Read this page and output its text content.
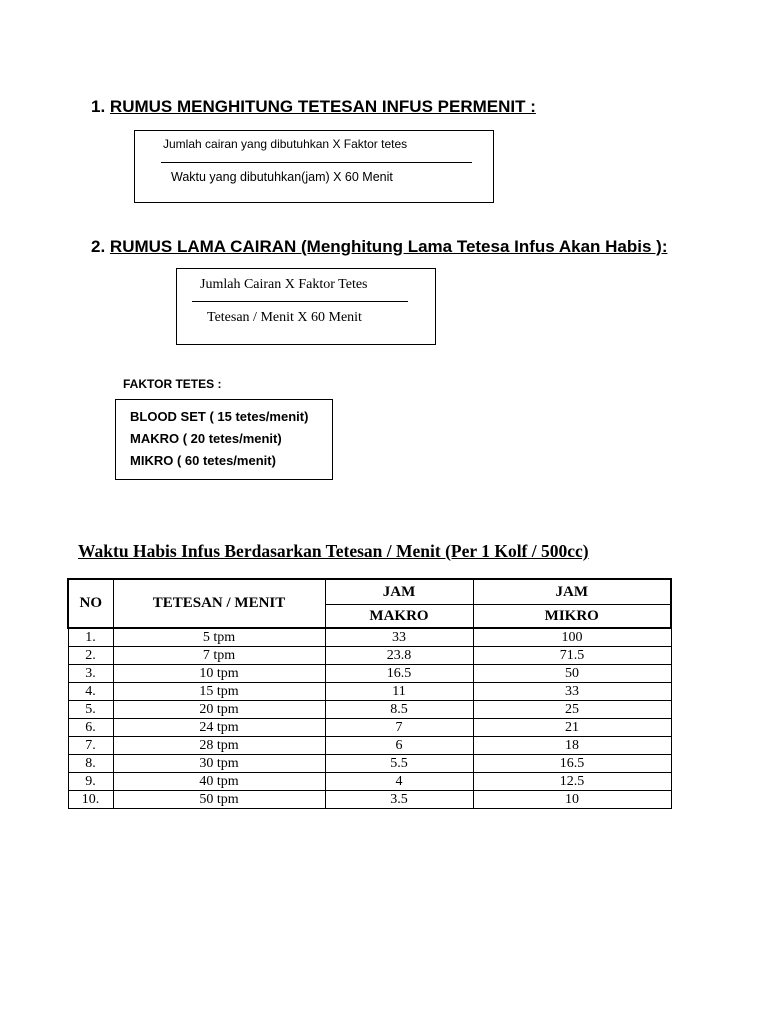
1. RUMUS MENGHITUNG TETESAN INFUS PERMENIT :
Jumlah cairan yang dibutuhkan X Faktor tetes
Waktu yang dibutuhkan(jam) X 60 Menit
2. RUMUS LAMA CAIRAN (Menghitung Lama Tetesa Infus Akan Habis ):
Jumlah Cairan X Faktor Tetes
Tetesan / Menit X 60 Menit
FAKTOR TETES :
BLOOD SET ( 15 tetes/menit)
MAKRO ( 20 tetes/menit)
MIKRO ( 60 tetes/menit)
Waktu Habis Infus Berdasarkan Tetesan / Menit (Per 1 Kolf / 500cc)
NO	TETESAN / MENIT	JAM	JAM
		MAKRO	MIKRO
1.	5 tpm	33	100
2.	7 tpm	23.8	71.5
3.	10 tpm	16.5	50
4.	15 tpm	11	33
5.	20 tpm	8.5	25
6.	24 tpm	7	21
7.	28 tpm	6	18
8.	30 tpm	5.5	16.5
9.	40 tpm	4	12.5
10.	50 tpm	3.5	10
